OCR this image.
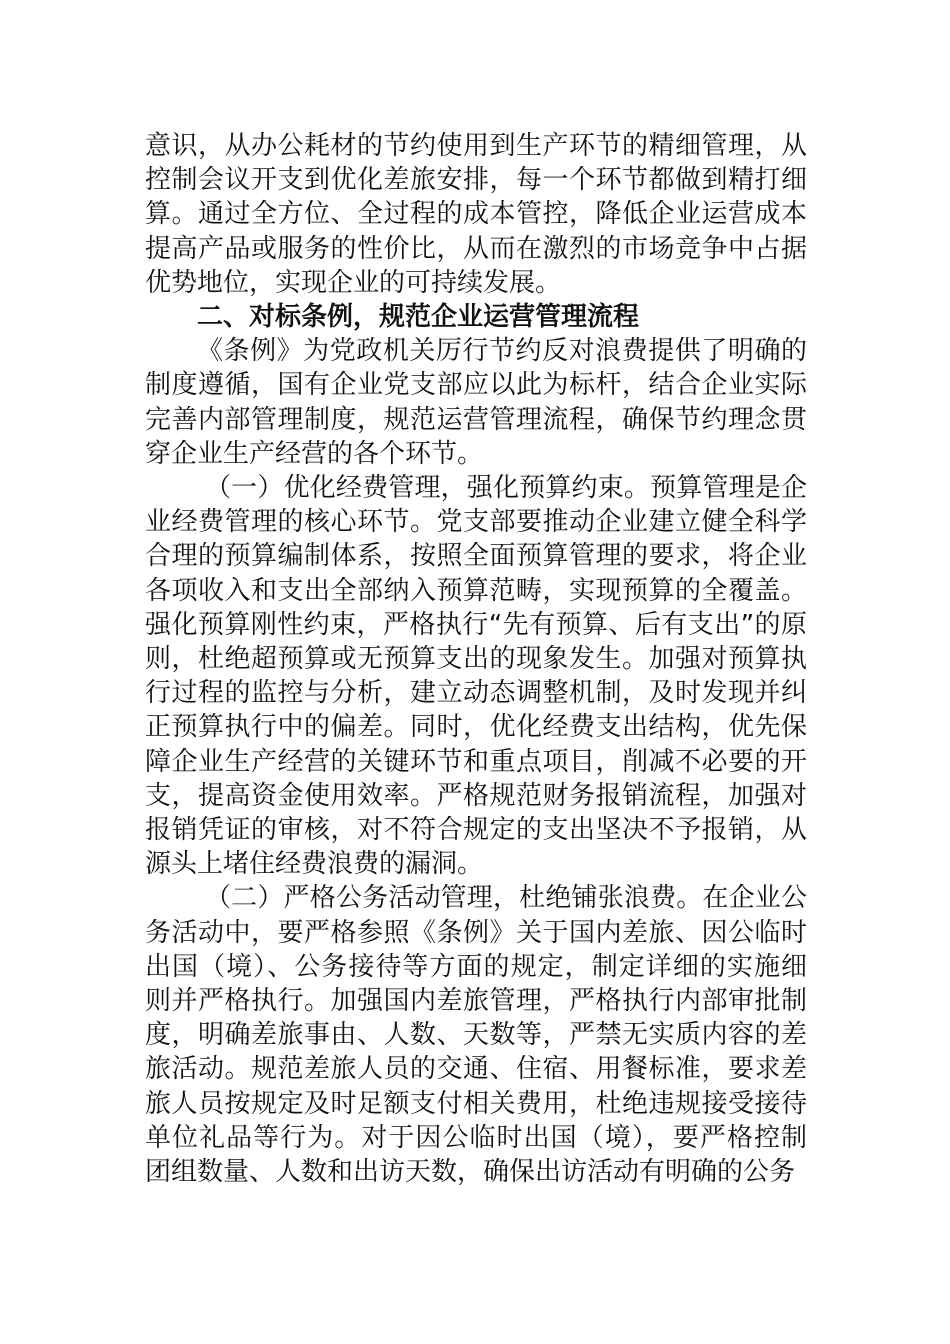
意识，从办公耗材的节约使用到生产环节的精细管理，从控制会议开支到优化差旅安排，每一个环节都做到精打细算。通过全方位、全过程的成本管控，降低企业运营成本提高产品或服务的性价比，从而在激烈的市场竞争中占据优势地位，实现企业的可持续发展。

二、对标条例，规范企业运营管理流程

《条例》为党政机关厉行节约反对浪费提供了明确的制度遵循，国有企业党支部应以此为标杆，结合企业实际完善内部管理制度，规范运营管理流程，确保节约理念贯穿企业生产经营的各个环节。

（一）优化经费管理，强化预算约束。预算管理是企业经费管理的核心环节。党支部要推动企业建立健全科学合理的预算编制体系，按照全面预算管理的要求，将企业各项收入和支出全部纳入预算范畴，实现预算的全覆盖。强化预算刚性约束，严格执行“先有预算、后有支出”的原则，杜绝超预算或无预算支出的现象发生。加强对预算执行过程的监控与分析，建立动态调整机制，及时发现并纠正预算执行中的偏差。同时，优化经费支出结构，优先保障企业生产经营的关键环节和重点项目，削减不必要的开支，提高资金使用效率。严格规范财务报销流程，加强对报销凭证的审核，对不符合规定的支出坚决不予报销，从源头上堵住经费浪费的漏洞。

（二）严格公务活动管理，杜绝铺张浪费。在企业公务活动中，要严格参照《条例》关于国内差旅、因公临时出国（境）、公务接待等方面的规定，制定详细的实施细则并严格执行。加强国内差旅管理，严格执行内部审批制度，明确差旅事由、人数、天数等，严禁无实质内容的差旅活动。规范差旅人员的交通、住宿、用餐标准，要求差旅人员按规定及时足额支付相关费用，杜绝违规接受接待单位礼品等行为。对于因公临时出国（境），要严格控制团组数量、人数和出访天数，确保出访活动有明确的公务
